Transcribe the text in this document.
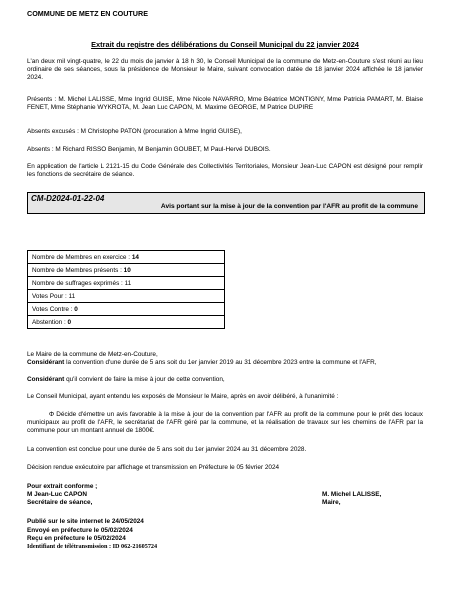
COMMUNE DE METZ EN COUTURE
Extrait du registre des délibérations du Conseil Municipal du 22 janvier 2024
L'an deux mil vingt-quatre, le 22 du mois de janvier à 18 h 30, le Conseil Municipal de la commune de Metz-en-Couture s'est réuni au lieu ordinaire de ses séances, sous la présidence de Monsieur le Maire, suivant convocation datée de 18 janvier 2024 affichée le 18 janvier 2024.
Présents : M. Michel LALISSE, Mme Ingrid GUISE, Mme Nicole NAVARRO, Mme Béatrice MONTIGNY, Mme Patricia PAMART, M. Blaise FENET, Mme Stéphanie WYKROTA, M. Jean Luc CAPON, M. Maxime GEORGE, M Patrice DUPIRE
Absents excusés : M Christophe PATON (procuration à Mme Ingrid GUISE),
Absents : M Richard RISSO Benjamin, M Benjamin GOUBET, M Paul-Hervé DUBOIS.
En application de l'article L 2121-15 du Code Générale des Collectivités Territoriales, Monsieur Jean-Luc CAPON est désigné pour remplir les fonctions de secrétaire de séance.
CM-D2024-01-22-04
Avis portant sur la mise à jour de la convention par l'AFR au profit de la commune
Nombre de Membres en exercice : 14
Nombre de Membres présents : 10
Nombre de suffrages exprimés : 11
Votes Pour : 11
Votes Contre : 0
Abstention : 0
Le Maire de la commune de Metz-en-Couture,
Considérant la convention d'une durée de 5 ans soit du 1er janvier 2019 au 31 décembre 2023 entre la commune et l'AFR,
Considérant qu'il convient de faire la mise à jour de cette convention,
Le Conseil Municipal, ayant entendu les exposés de Monsieur le Maire, après en avoir délibéré, à l'unanimité :
Φ Décide d'émettre un avis favorable à la mise à jour de la convention par l'AFR au profit de la commune pour le prêt des locaux municipaux au profit de l'AFR, le secrétariat de l'AFR géré par la commune, et la réalisation de travaux sur les chemins de l'AFR par la commune pour un montant annuel de 1800€.
La convention est conclue pour une durée de 5 ans soit du 1er janvier 2024 au 31 décembre 2028.
Décision rendue exécutoire par affichage et transmission en Préfecture le 05 février 2024
Pour extrait conforme ;
M Jean-Luc CAPON
Secrétaire de séance,
M. Michel LALISSE,
Maire,
Publié sur le site internet le 24/05/2024
Envoyé en préfecture le 05/02/2024
Reçu en préfecture le 05/02/2024
Identifiant de télétransmission : ID 062-21605724
